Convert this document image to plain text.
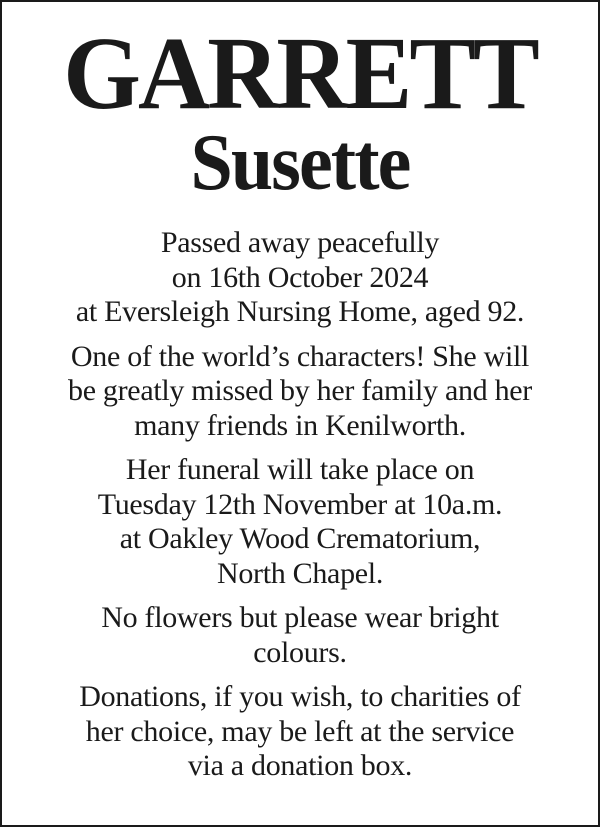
GARRETT
Susette

Passed away peacefully
on 16th October 2024
at Eversleigh Nursing Home, aged 92.

One of the world’s characters! She will
be greatly missed by her family and her
many friends in Kenilworth.

Her funeral will take place on
Tuesday 12th November at 10a.m.
at Oakley Wood Crematorium,
North Chapel.

No flowers but please wear bright
colours.

Donations, if you wish, to charities of
her choice, may be left at the service
via a donation box.
